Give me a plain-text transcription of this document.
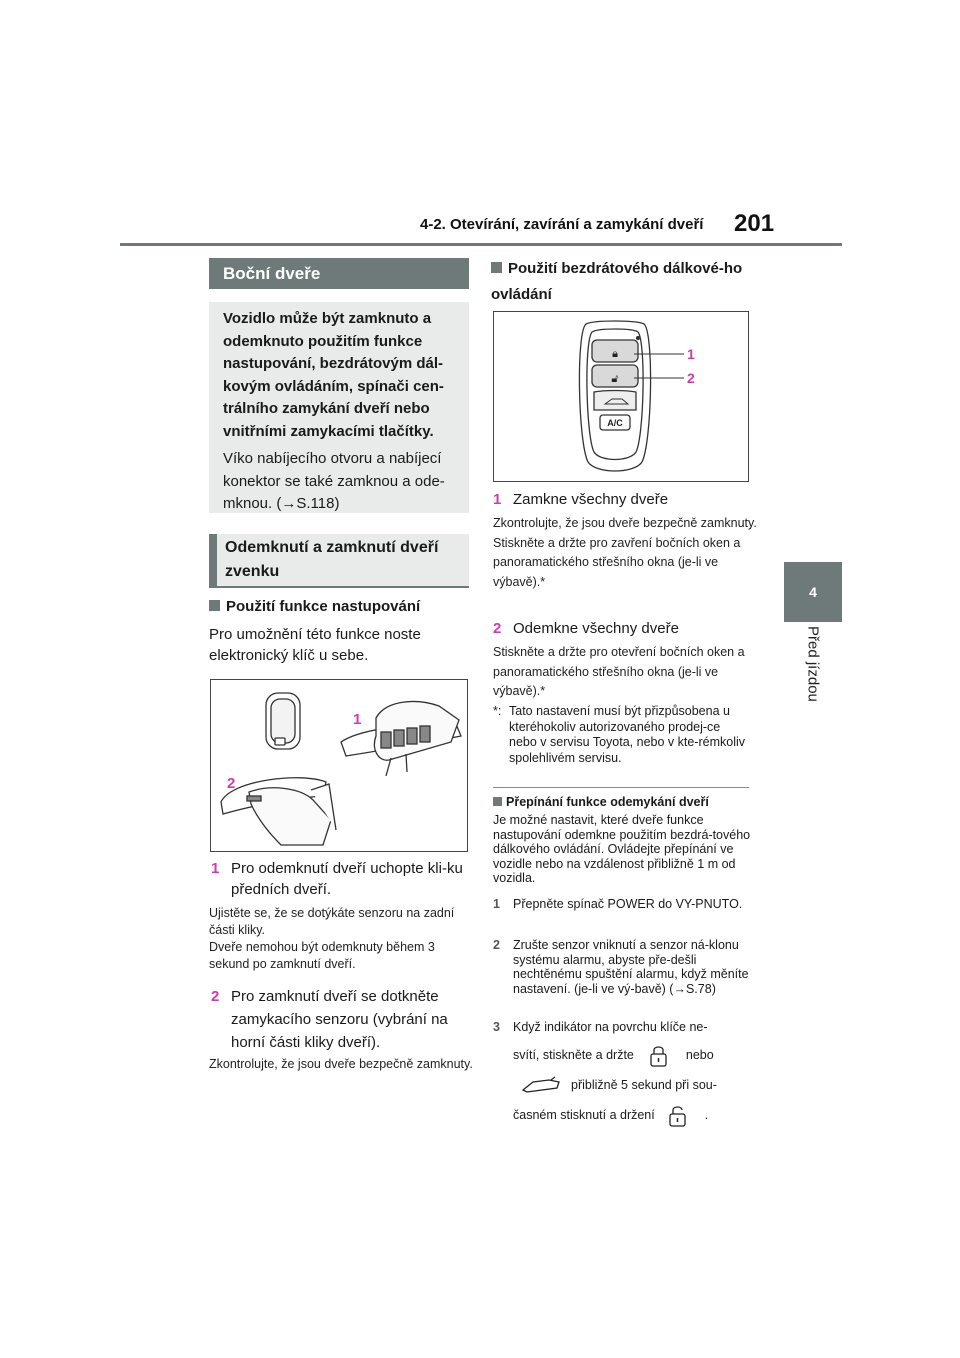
4-2. Otevírání, zavírání a zamykání dveří 201
4
Před jízdou
Boční dveře

Vozidlo může být zamknuto a odemknuto použitím funkce nastupování, bezdrátovým dál-kovým ovládáním, spínači cen-trálního zamykání dveří nebo vnitřními zamykacími tlačítky.

Víko nabíjecího otvoru a nabíjecí konektor se také zamknou a ode-mknou. (→S.118)

Odemknutí a zamknutí dveří zvenku
Použití funkce nastupování
Pro umožnění této funkce noste elektronický klíč u sebe.
1
2
1 Pro odemknutí dveří uchopte kli-ku předních dveří.
Ujistěte se, že se dotýkáte senzoru na zadní části kliky.
Dveře nemohou být odemknuty během 3 sekund po zamknutí dveří.
2 Pro zamknutí dveří se dotkněte zamykacího senzoru (vybrání na horní části kliky dveří).
Zkontrolujte, že jsou dveře bezpečně zamknuty.
Použití bezdrátového dálkové-ho ovládání
🔒︎
🔓︎
A/C
1
2
1 Zamkne všechny dveře
Zkontrolujte, že jsou dveře bezpečně zamknuty.
Stiskněte a držte pro zavření bočních oken a panoramatického střešního okna (je-li ve výbavě).*
2 Odemkne všechny dveře
Stiskněte a držte pro otevření bočních oken a panoramatického střešního okna (je-li ve výbavě).*
*: Tato nastavení musí být přizpůsobena u kteréhokoliv autorizovaného prodej-ce nebo v servisu Toyota, nebo v kte-rémkoliv spolehlivém servisu.
Přepínání funkce odemykání dveří
Je možné nastavit, které dveře funkce nastupování odemkne použitím bezdrá-tového dálkového ovládání. Ovládejte přepínání ve vozidle nebo na vzdálenost přibližně 1 m od vozidla.
1	Přepněte spínač POWER do VY-PNUTO.
2	Zrušte senzor vniknutí a senzor ná-klonu systému alarmu, abyste pře-dešli nechtěnému spuštění alarmu, když měníte nastavení. (je-li ve vý-bavě) (→S.78)
3	Když indikátor na povrchu klíče ne-
svítí, stiskněte a držte	nebo
přibližně 5 sekund při sou-
časném stisknutí a držení	.
